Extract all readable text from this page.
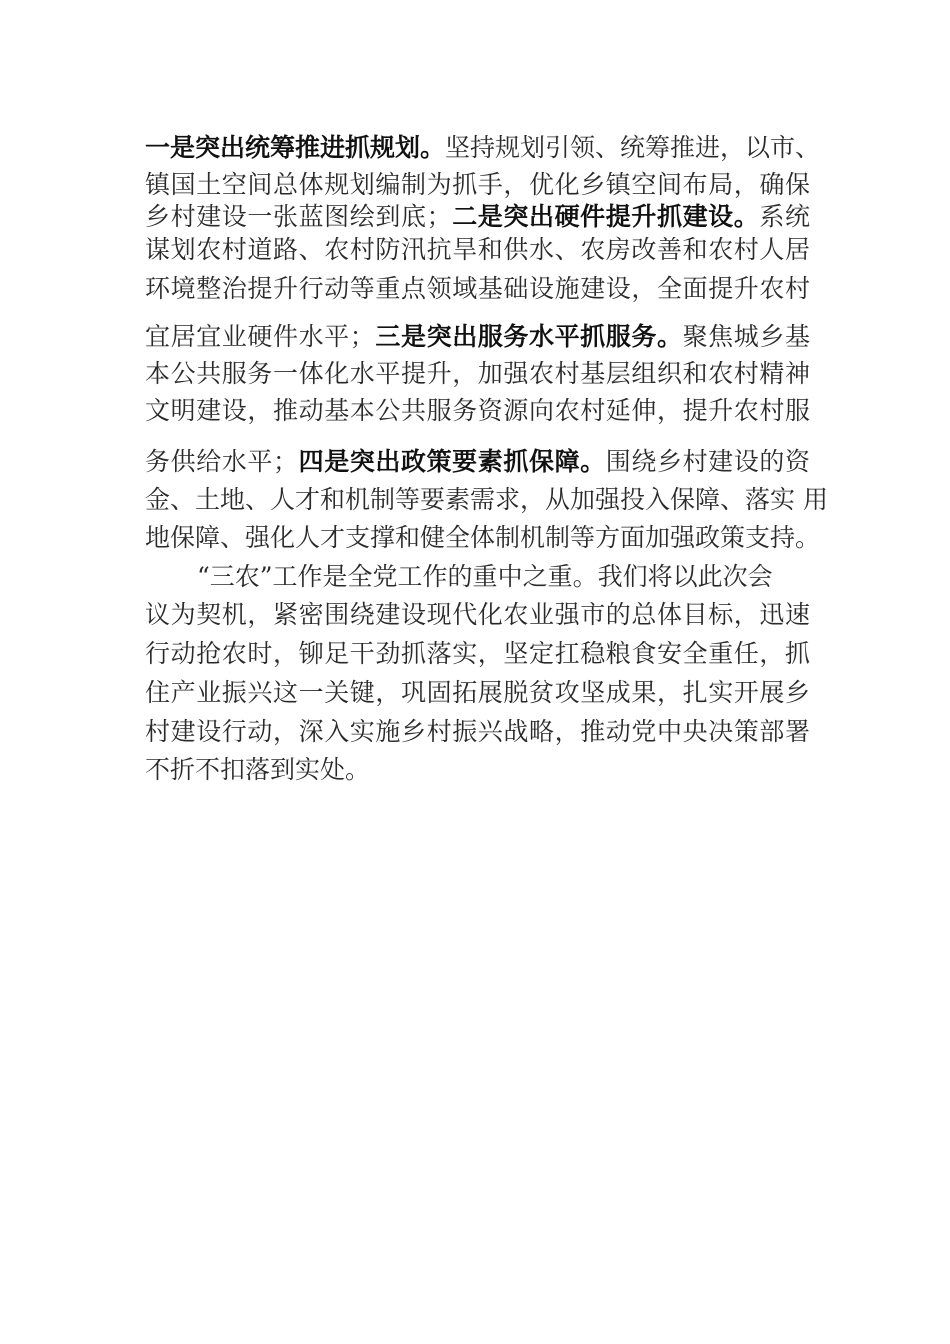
一是突出统筹推进抓规划。坚持规划引领、统筹推进，以市、
镇国土空间总体规划编制为抓手，优化乡镇空间布局，确保
乡村建设一张蓝图绘到底；二是突出硬件提升抓建设。系统
谋划农村道路、农村防汛抗旱和供水、农房改善和农村人居
环境整治提升行动等重点领域基础设施建设，全面提升农村
宜居宜业硬件水平；三是突出服务水平抓服务。聚焦城乡基
本公共服务一体化水平提升，加强农村基层组织和农村精神
文明建设，推动基本公共服务资源向农村延伸，提升农村服
务供给水平；四是突出政策要素抓保障。围绕乡村建设的资
金、土地、人才和机制等要素需求，从加强投入保障、落实 用
地保障、强化人才支撑和健全体制机制等方面加强政策支持。
“三农”工作是全党工作的重中之重。我们将以此次会
议为契机，紧密围绕建设现代化农业强市的总体目标，迅速
行动抢农时，铆足干劲抓落实，坚定扛稳粮食安全重任，抓
住产业振兴这一关键，巩固拓展脱贫攻坚成果，扎实开展乡
村建设行动，深入实施乡村振兴战略，推动党中央决策部署
不折不扣落到实处。
